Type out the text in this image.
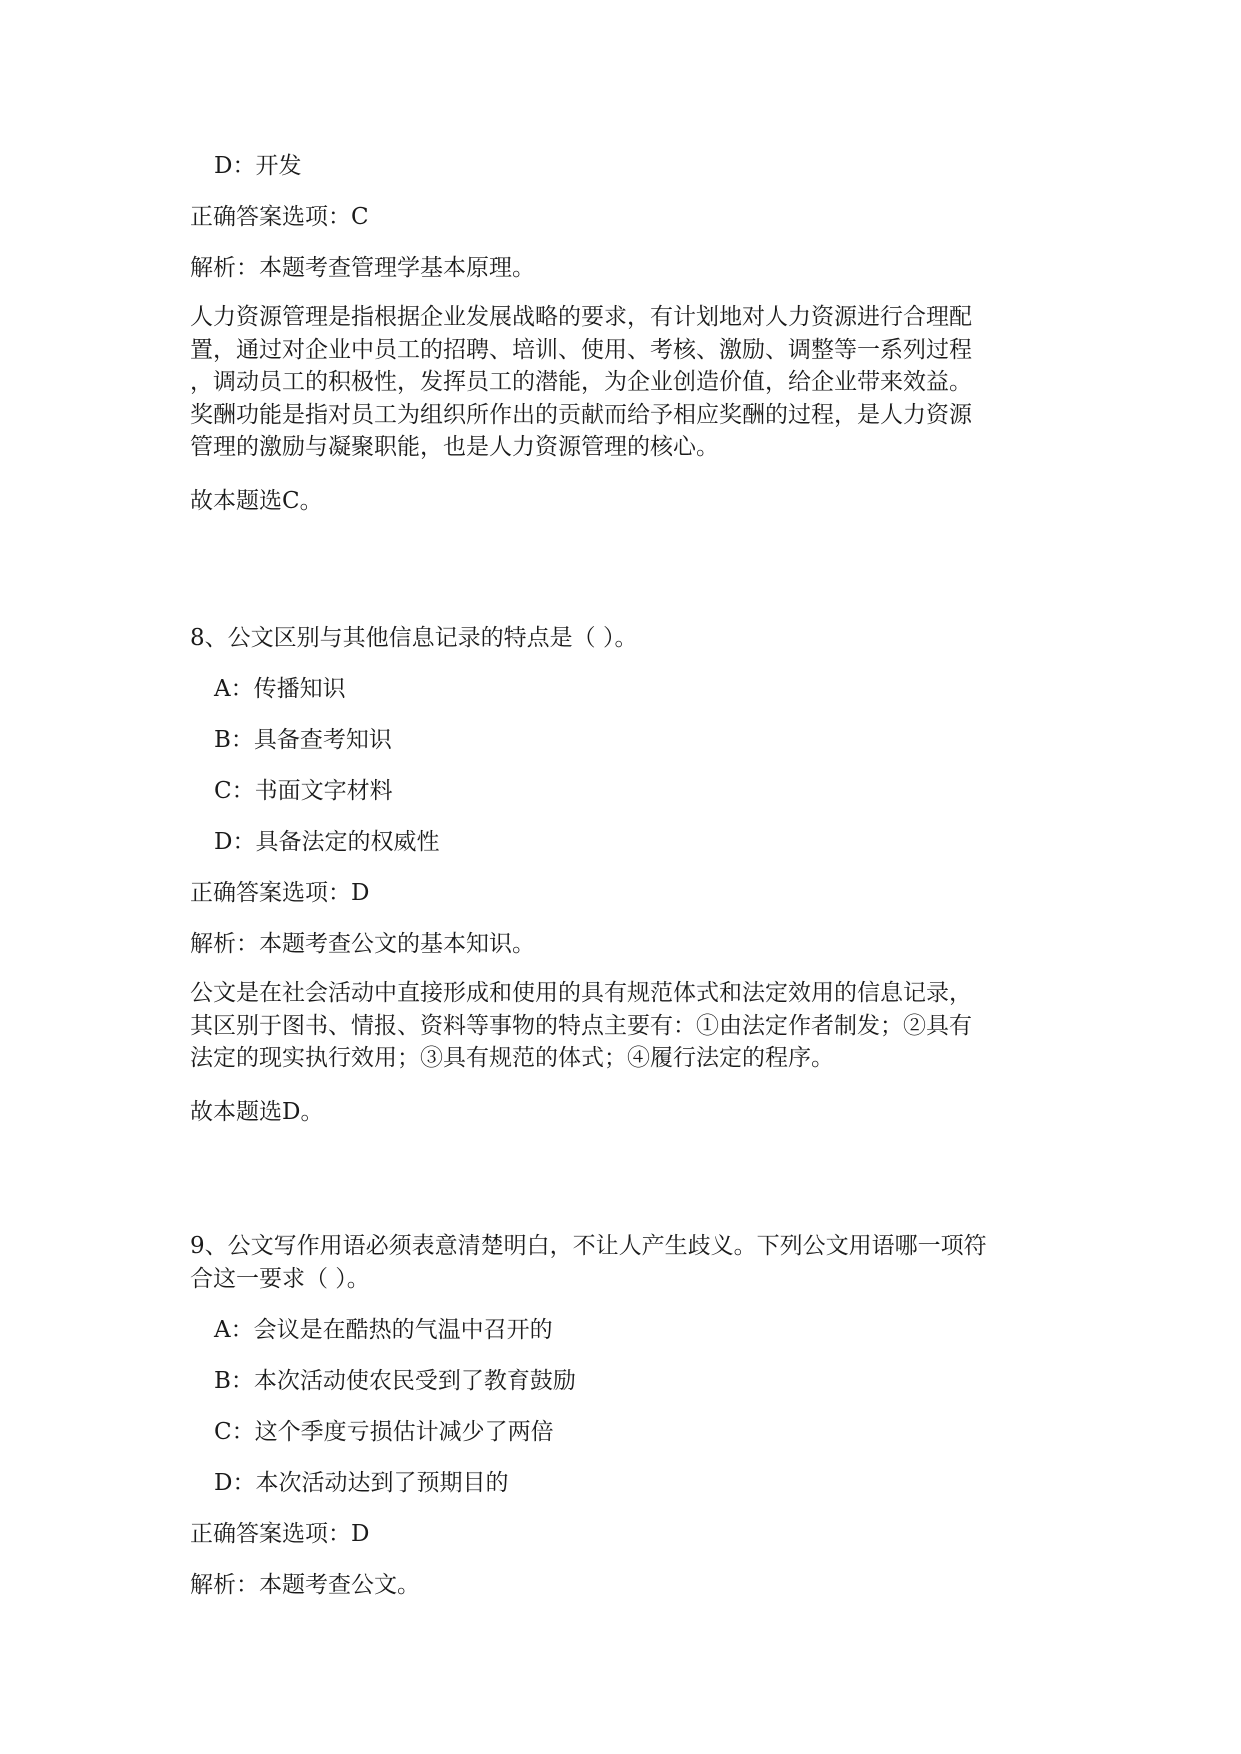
D：开发
正确答案选项：C
解析：本题考查管理学基本原理。
人力资源管理是指根据企业发展战略的要求，有计划地对人力资源进行合理配
置，通过对企业中员工的招聘、培训、使用、考核、激励、调整等一系列过程
，调动员工的积极性，发挥员工的潜能，为企业创造价值，给企业带来效益。
奖酬功能是指对员工为组织所作出的贡献而给予相应奖酬的过程，是人力资源
管理的激励与凝聚职能，也是人力资源管理的核心。
故本题选C。
8、公文区别与其他信息记录的特点是（ ）。
A：传播知识
B：具备查考知识
C：书面文字材料
D：具备法定的权威性
正确答案选项：D
解析：本题考查公文的基本知识。
公文是在社会活动中直接形成和使用的具有规范体式和法定效用的信息记录，
其区别于图书、情报、资料等事物的特点主要有：①由法定作者制发；②具有
法定的现实执行效用；③具有规范的体式；④履行法定的程序。
故本题选D。
9、公文写作用语必须表意清楚明白，不让人产生歧义。下列公文用语哪一项符
合这一要求（ ）。
A：会议是在酷热的气温中召开的
B：本次活动使农民受到了教育鼓励
C：这个季度亏损估计减少了两倍
D：本次活动达到了预期目的
正确答案选项：D
解析：本题考查公文。
